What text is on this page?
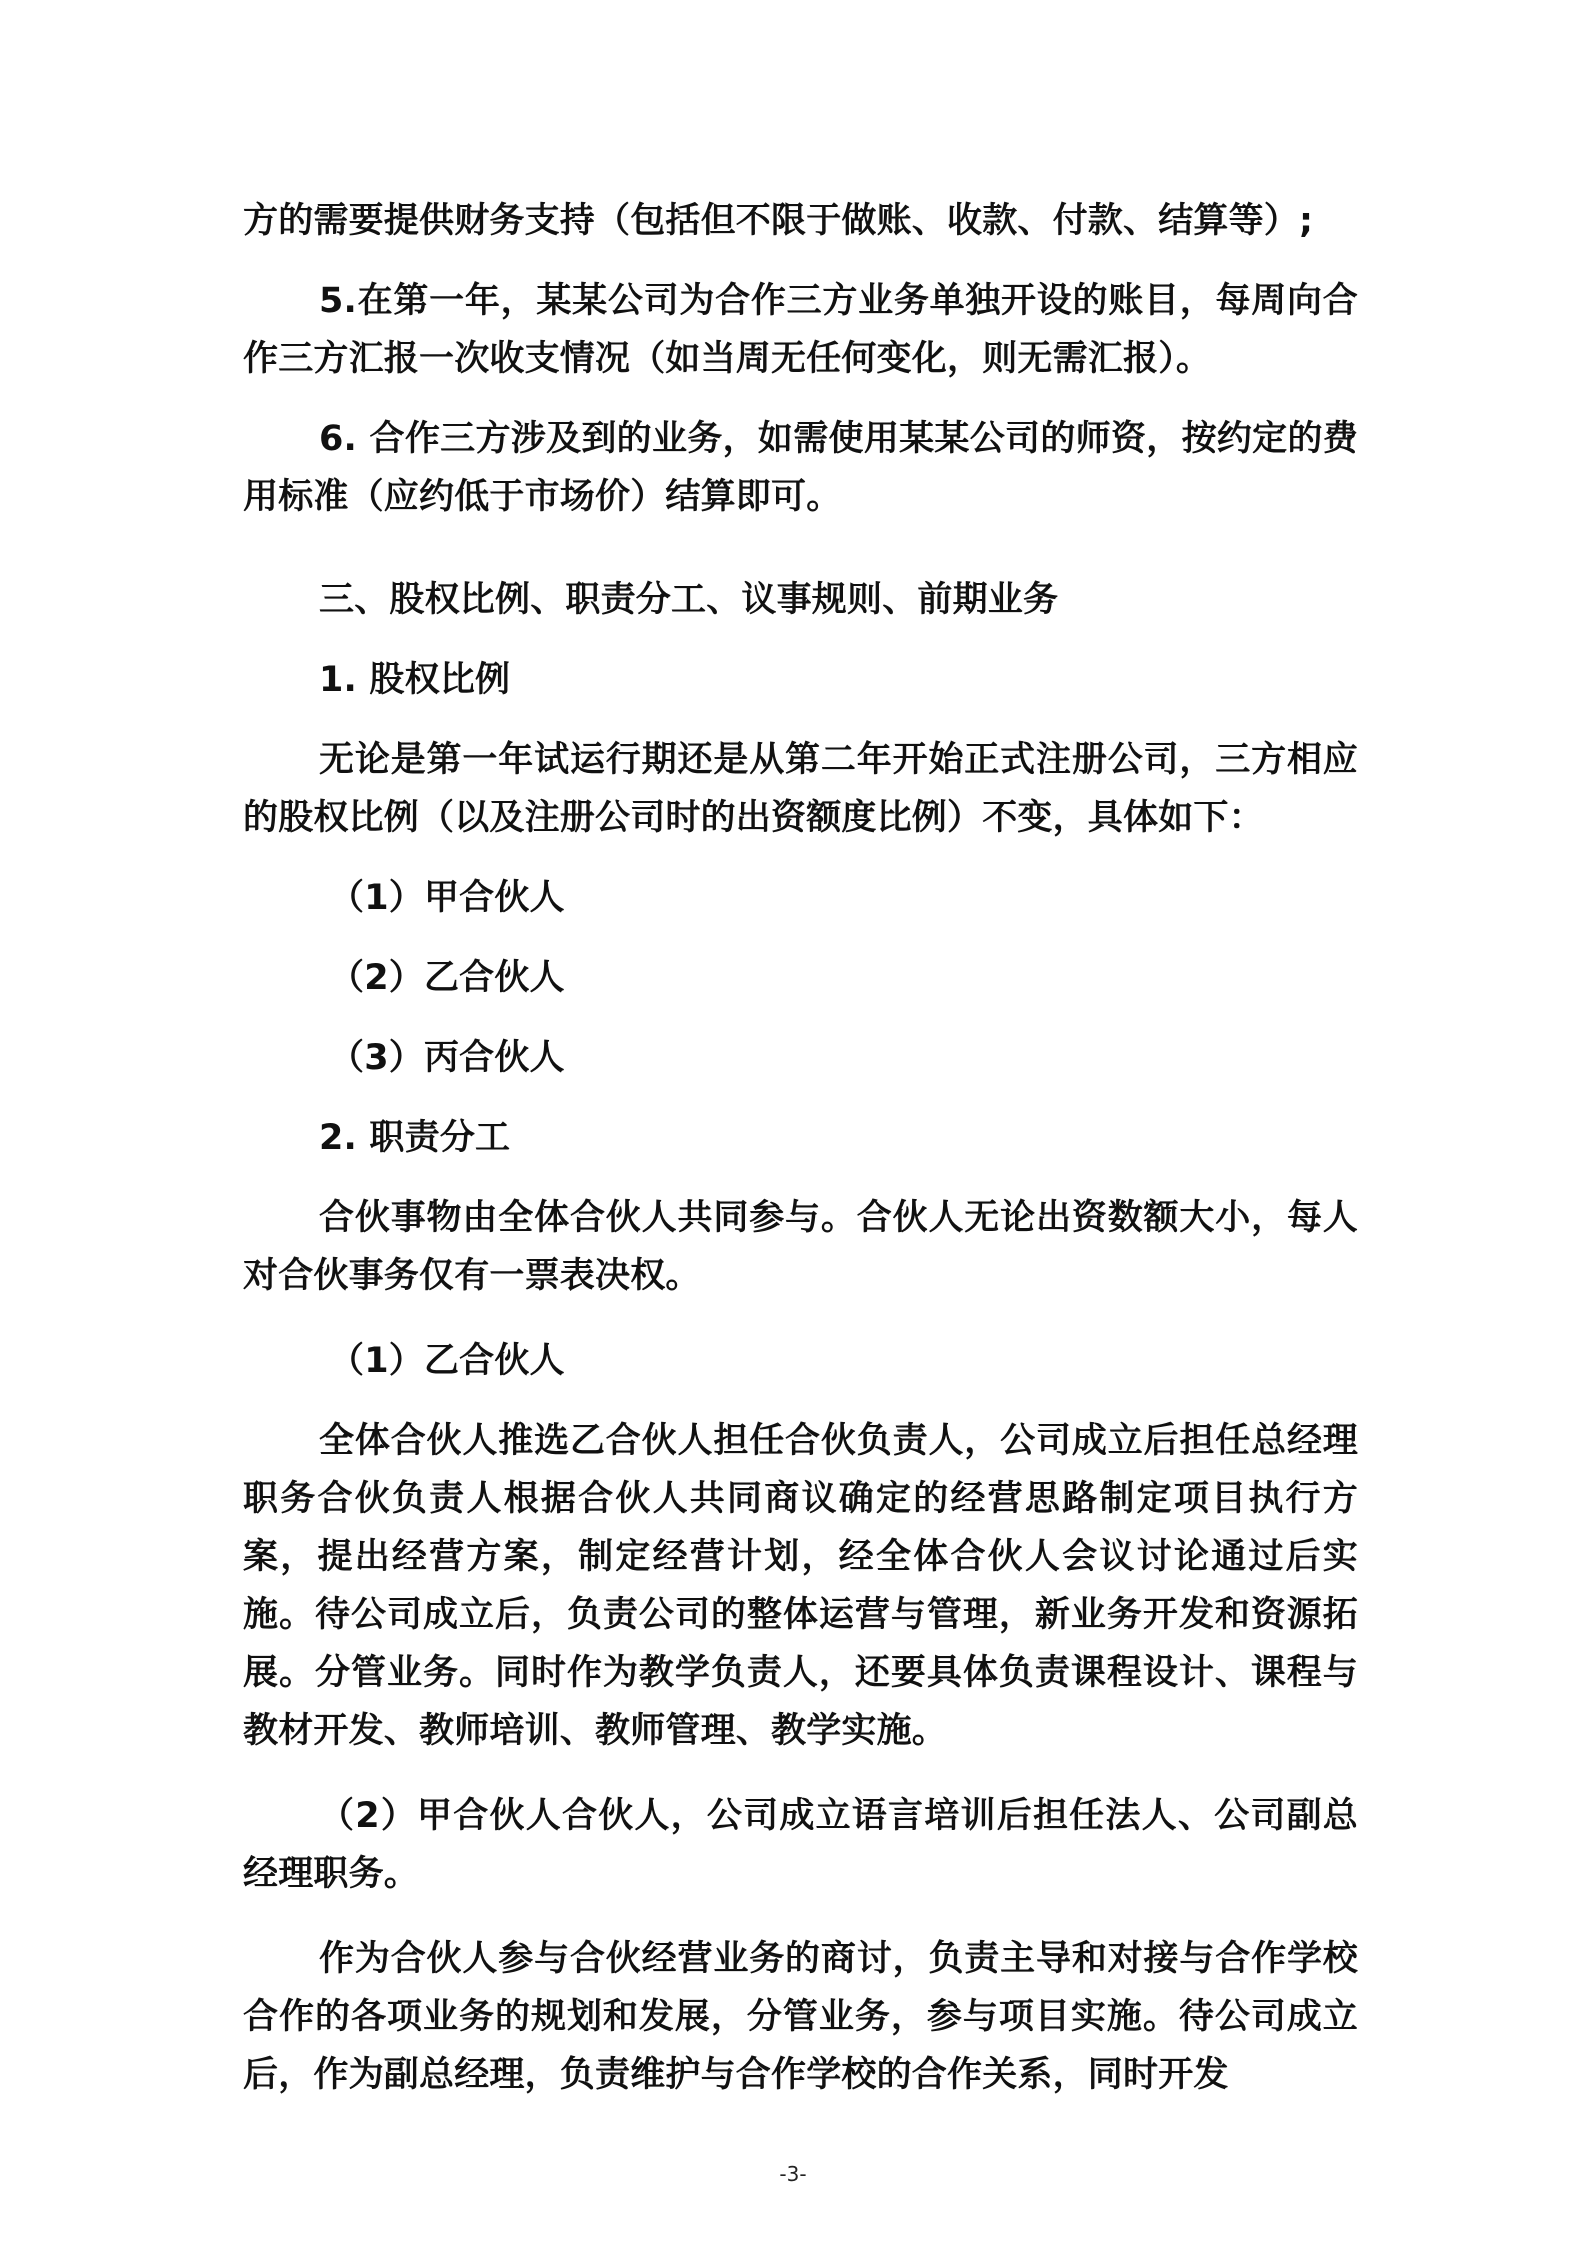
方的需要提供财务支持（包括但不限于做账、收款、付款、结算等）;

5.在第一年，某某公司为合作三方业务单独开设的账目，每周向合作三方汇报一次收支情况（如当周无任何变化，则无需汇报）。

6. 合作三方涉及到的业务，如需使用某某公司的师资，按约定的费用标准（应约低于市场价）结算即可。

三、股权比例、职责分工、议事规则、前期业务

1. 股权比例

无论是第一年试运行期还是从第二年开始正式注册公司，三方相应的股权比例（以及注册公司时的出资额度比例）不变，具体如下：

（1）甲合伙人

（2）乙合伙人

（3）丙合伙人

2. 职责分工

合伙事物由全体合伙人共同参与。合伙人无论出资数额大小，每人对合伙事务仅有一票表决权。

（1）乙合伙人

全体合伙人推选乙合伙人担任合伙负责人，公司成立后担任总经理职务合伙负责人根据合伙人共同商议确定的经营思路制定项目执行方案，提出经营方案，制定经营计划，经全体合伙人会议讨论通过后实施。待公司成立后，负责公司的整体运营与管理，新业务开发和资源拓展。分管业务。同时作为教学负责人，还要具体负责课程设计、课程与教材开发、教师培训、教师管理、教学实施。

（2）甲合伙人合伙人，公司成立语言培训后担任法人、公司副总经理职务。

作为合伙人参与合伙经营业务的商讨，负责主导和对接与合作学校合作的各项业务的规划和发展，分管业务，参与项目实施。待公司成立后，作为副总经理，负责维护与合作学校的合作关系，同时开发

-3-
